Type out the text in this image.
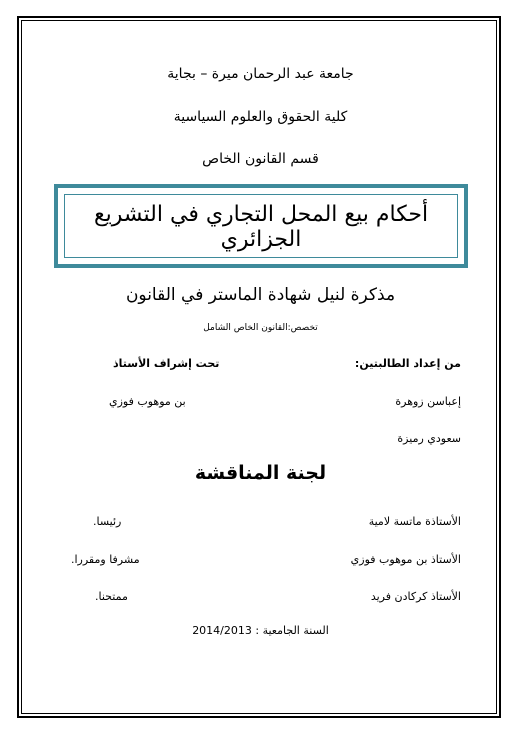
جامعة عبد الرحمان ميرة – بجاية
كلية الحقوق والعلوم السياسية
قسم القانون الخاص
أحكام بيع المحل التجاري في التشريع الجزائري
مذكرة لنيل شهادة الماستر في القانون
تخصص:القانون الخاص الشامل
من إعداد الطالبتين:
تحت إشراف الأستاذ
إعباسن زوهرة
بن موهوب فوزي
سعودي رميزة
لجنة المناقشة
الأستاذة ماتسة لامية
رئيسا.
الأستاذ بن موهوب فوزي
مشرفا ومقررا.
الأستاذ كركادن فريد
ممتحنا.
السنة الجامعية : 2014/2013
